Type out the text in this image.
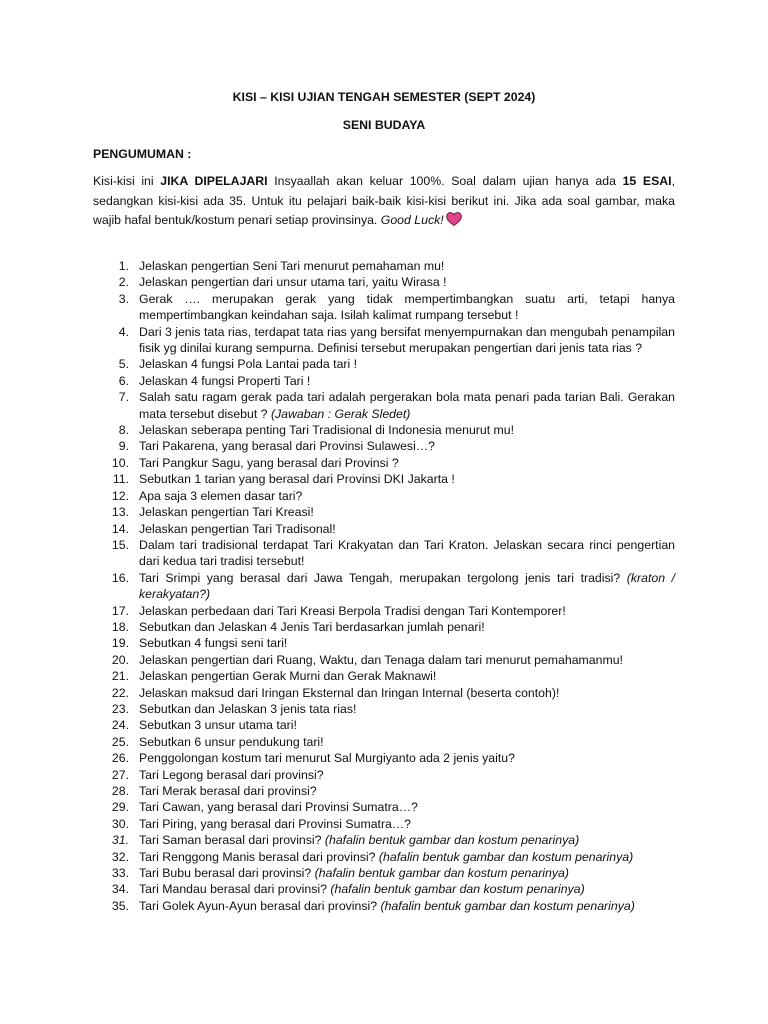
KISI – KISI UJIAN TENGAH SEMESTER (SEPT 2024)
SENI BUDAYA
PENGUMUMAN :
Kisi-kisi ini JIKA DIPELAJARI Insyaallah akan keluar 100%. Soal dalam ujian hanya ada 15 ESAI, sedangkan kisi-kisi ada 35. Untuk itu pelajari baik-baik kisi-kisi berikut ini. Jika ada soal gambar, maka wajib hafal bentuk/kostum penari setiap provinsinya. Good Luck!
1. Jelaskan pengertian Seni Tari menurut pemahaman mu!
2. Jelaskan pengertian dari unsur utama tari, yaitu Wirasa !
3. Gerak …. merupakan gerak yang tidak mempertimbangkan suatu arti, tetapi hanya mempertimbangkan keindahan saja. Isilah kalimat rumpang tersebut !
4. Dari 3 jenis tata rias, terdapat tata rias yang bersifat menyempurnakan dan mengubah penampilan fisik yg dinilai kurang sempurna. Definisi tersebut merupakan pengertian dari jenis tata rias ?
5. Jelaskan 4 fungsi Pola Lantai pada tari !
6. Jelaskan 4 fungsi Properti Tari !
7. Salah satu ragam gerak pada tari adalah pergerakan bola mata penari pada tarian Bali. Gerakan mata tersebut disebut ? (Jawaban : Gerak Sledet)
8. Jelaskan seberapa penting Tari Tradisional di Indonesia menurut mu!
9. Tari Pakarena, yang berasal dari Provinsi Sulawesi…?
10. Tari Pangkur Sagu, yang berasal dari Provinsi ?
11. Sebutkan 1 tarian yang berasal dari Provinsi DKI Jakarta !
12. Apa saja 3 elemen dasar tari?
13. Jelaskan pengertian Tari Kreasi!
14. Jelaskan pengertian Tari Tradisonal!
15. Dalam tari tradisional terdapat Tari Krakyatan dan Tari Kraton. Jelaskan secara rinci pengertian dari kedua tari tradisi tersebut!
16. Tari Srimpi yang berasal dari Jawa Tengah, merupakan tergolong jenis tari tradisi? (kraton / kerakyatan?)
17. Jelaskan perbedaan dari Tari Kreasi Berpola Tradisi dengan Tari Kontemporer!
18. Sebutkan dan Jelaskan 4 Jenis Tari berdasarkan jumlah penari!
19. Sebutkan 4 fungsi seni tari!
20. Jelaskan pengertian dari Ruang, Waktu, dan Tenaga dalam tari menurut pemahamanmu!
21. Jelaskan pengertian Gerak Murni dan Gerak Maknawi!
22. Jelaskan maksud dari Iringan Eksternal dan Iringan Internal (beserta contoh)!
23. Sebutkan dan Jelaskan 3 jenis tata rias!
24. Sebutkan 3 unsur utama tari!
25. Sebutkan 6 unsur pendukung tari!
26. Penggolongan kostum tari menurut Sal Murgiyanto ada 2 jenis yaitu?
27. Tari Legong berasal dari provinsi?
28. Tari Merak berasal dari provinsi?
29. Tari Cawan, yang berasal dari Provinsi Sumatra…?
30. Tari Piring, yang berasal dari Provinsi Sumatra…?
31. Tari Saman berasal dari provinsi? (hafalin bentuk gambar dan kostum penarinya)
32. Tari Renggong Manis berasal dari provinsi? (hafalin bentuk gambar dan kostum penarinya)
33. Tari Bubu berasal dari provinsi? (hafalin bentuk gambar dan kostum penarinya)
34. Tari Mandau berasal dari provinsi? (hafalin bentuk gambar dan kostum penarinya)
35. Tari Golek Ayun-Ayun berasal dari provinsi? (hafalin bentuk gambar dan kostum penarinya)
